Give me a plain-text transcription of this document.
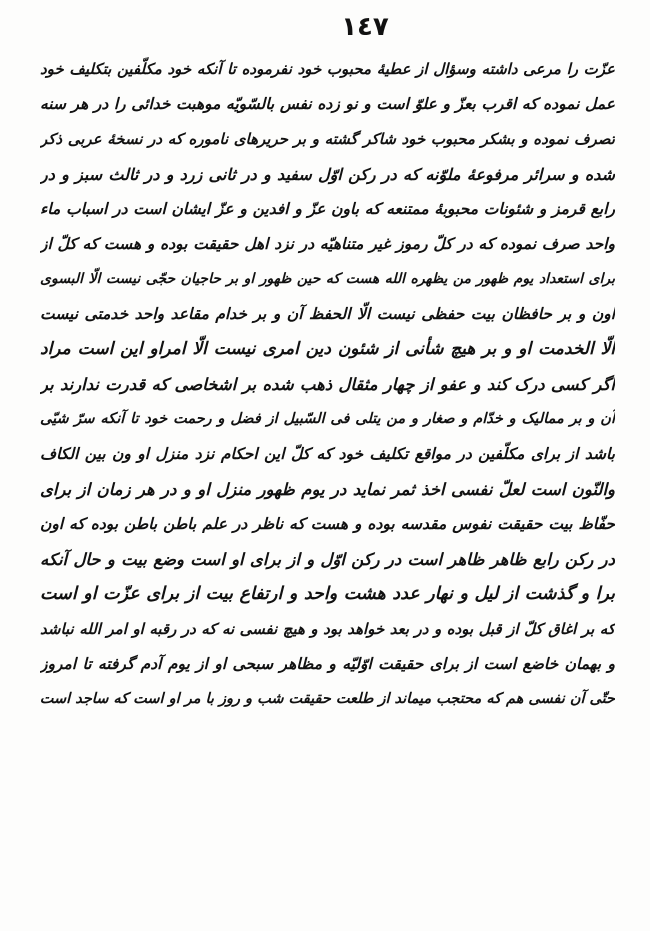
١٤٧
عزّت را مرعی داشته وسؤال از عطیهٔ محبوب خود نفرموده تا آنکه خود مکلّفین بتکلیف خود
عمل نموده که اقرب بعزّ و علوّ است و نو زده نفس بالسّویّه موهبت خدائی را در هر سنه
تصرف نموده و بشکر محبوب خود شاکر گشته و بر حریرهای ناموره که در نسخهٔ عربی ذکر
شده و سرائر مرفوعهٔ ملوّنه که در رکن اوّل سفید و در ثانی زرد و در ثالث سبز و در
رابع قرمز و شئونات محبوبهٔ ممتنعه که باون عزّ و افدین و عزّ ایشان است در اسباب ماء
واحد صرف نموده که در کلّ رموز غیر متناهیّه در نزد اهل حقیقت بوده و هست که کلّ از
برای استعداد یوم ظهور من یظهره الله هست که حین ظهور او بر حاجیان حجّی نیست الّا البسوی
اون و بر حافظان بیت حفظی نیست الّا الحفظ آن و بر خدام مقاعد واحد خدمتی نیست
الّا الخدمت او و بر هیچ شأنی از شئون دین امری نیست الّا امراو این است مراد
اگر کسی درک کند و عفو از چهار مثقال ذهب شده بر اشخاصی که قدرت ندارند بر
آن و بر ممالیک و خدّام و صغار و من یتلی فی السّبیل از فضل و رحمت خود تا آنکه سرّ شیّی
باشد از برای مکلّفین در مواقع تکلیف خود که کلّ این احکام نزد منزل او ون بین الکاف
والنّون است لعلّ نفسی اخذ ثمر نماید در یوم ظهور منزل او و در هر زمان از برای
حفّاظ بیت حقیقت نفوس مقدسه بوده و هست که ناظر در علم باطن باطن بوده که اون
در رکن رابع ظاهر ظاهر است در رکن اوّل و از برای او است وضع بیت و حال آنکه
برا و گذشت از لیل و نهار عدد هشت واحد و ارتفاع بیت از برای عزّت او است
که بر اغاق کلّ از قبل بوده و در بعد خواهد بود و هیچ نفسی نه که در رقبه او امر الله نباشد
و بهمان خاضع است از برای حقیقت اوّلیّه و مظاهر سبحی او از یوم آدم گرفته تا امروز
حتّی آن نفسی هم که محتجب میماند از طلعت حقیقت شب و روز با مر او است که ساجد است
